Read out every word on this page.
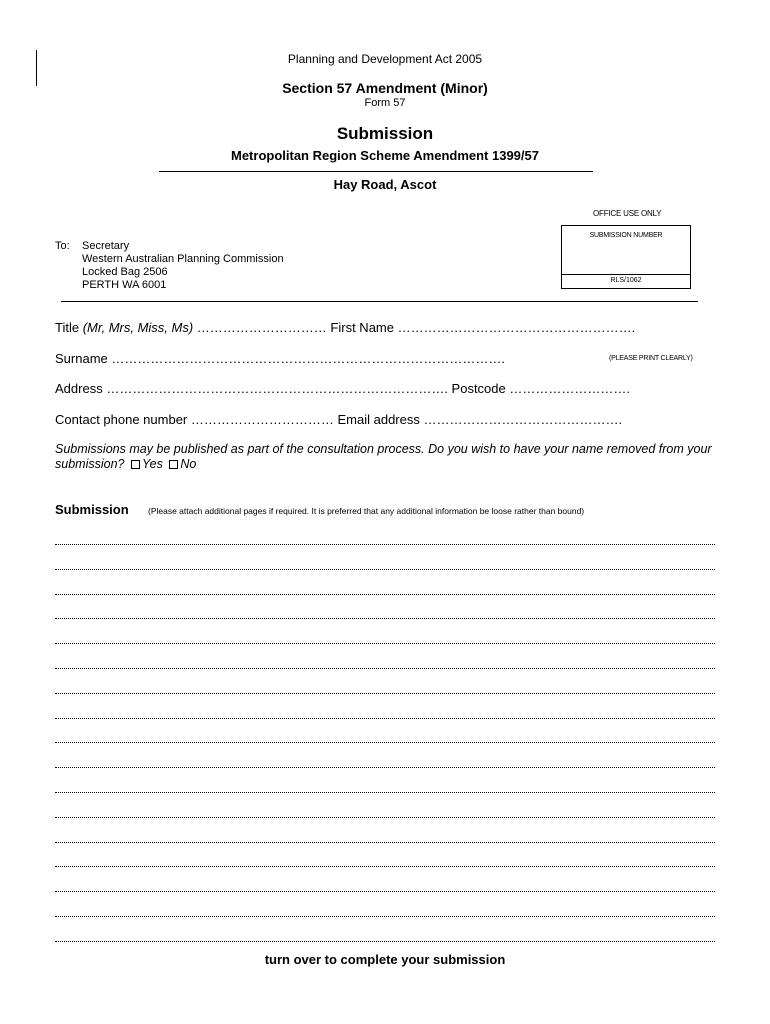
Planning and Development Act 2005
Section 57 Amendment (Minor)
Form 57
Submission
Metropolitan Region Scheme Amendment 1399/57
Hay Road, Ascot
OFFICE USE ONLY
SUBMISSION NUMBER
RLS/1062
To: Secretary
Western Australian Planning Commission
Locked Bag 2506
PERTH WA 6001
Title (Mr, Mrs, Miss, Ms) ………………………… First Name ……………………………………………….
Surname ……………………………………………………………………………….	(PLEASE PRINT CLEARLY)
Address ……………………………………………………………………. Postcode ……………………….
Contact phone number …………………………… Email address ……………………………………….
Submissions may be published as part of the consultation process. Do you wish to have your name removed from your submission? Yes No
Submission (Please attach additional pages if required. It is preferred that any additional information be loose rather than bound)
turn over to complete your submission
